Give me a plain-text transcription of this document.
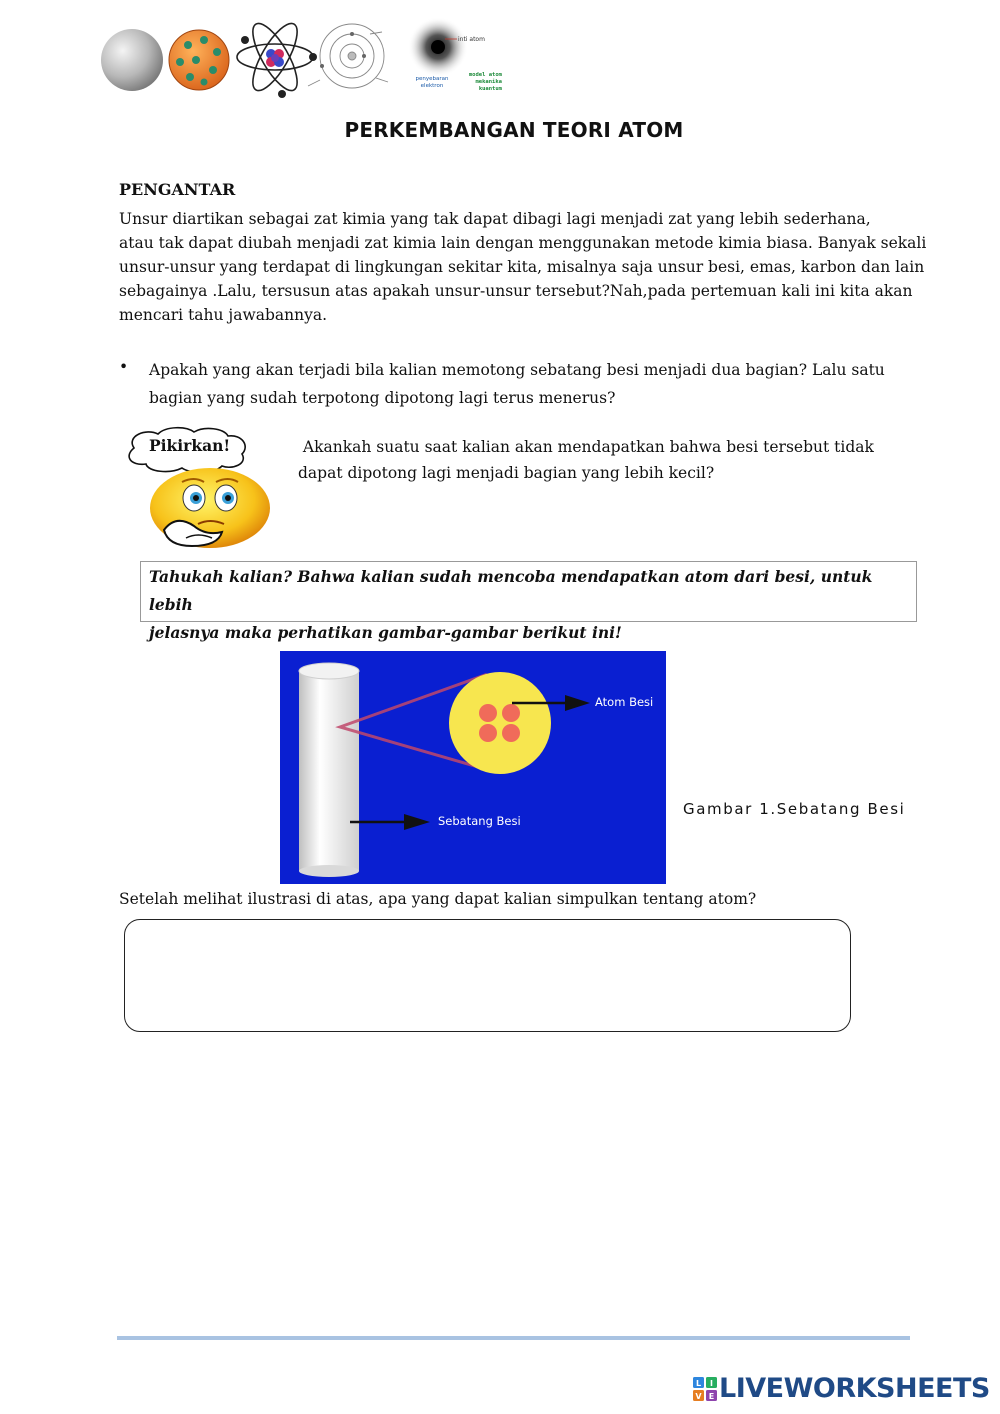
inti atom
penyebaran elektron
model atom mekanika kuantum
PERKEMBANGAN TEORI ATOM
PENGANTAR
Unsur diartikan sebagai zat kimia yang tak dapat dibagi lagi menjadi zat yang lebih sederhana,
atau tak dapat diubah menjadi zat kimia lain dengan menggunakan metode kimia biasa. Banyak sekali
unsur-unsur yang terdapat di lingkungan sekitar kita, misalnya saja unsur besi, emas, karbon dan lain
sebagainya .Lalu, tersusun atas apakah unsur-unsur tersebut?Nah,pada pertemuan kali ini kita akan
mencari tahu jawabannya.
• Apakah yang akan terjadi bila kalian memotong sebatang besi menjadi dua bagian? Lalu satu
bagian yang sudah terpotong dipotong lagi terus menerus?
Pikirkan!	Akankah suatu saat kalian akan mendapatkan bahwa besi tersebut tidak
dapat dipotong lagi menjadi bagian yang lebih kecil?
Tahukah kalian? Bahwa kalian sudah mencoba mendapatkan atom dari besi, untuk lebih
jelasnya maka perhatikan gambar-gambar berikut ini!
Atom Besi
Sebatang Besi
Gambar 1.Sebatang Besi
Setelah melihat ilustrasi di atas, apa yang dapat kalian simpulkan tentang atom?
L I
V E LIVEWORKSHEETS
